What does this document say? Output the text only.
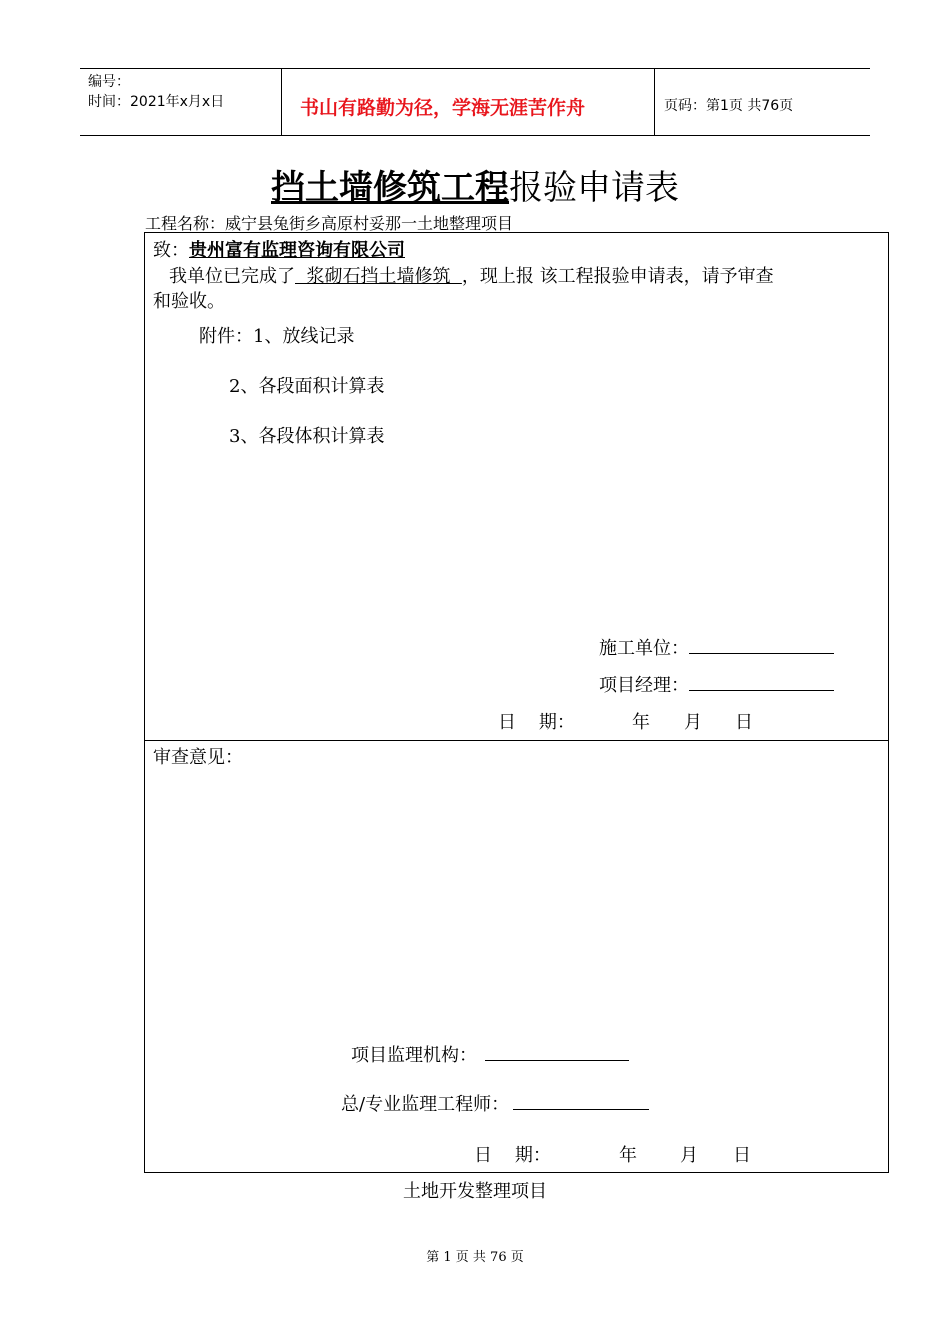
编号：
时间：2021年x月x日	书山有路勤为径，学海无涯苦作舟	页码：第1页 共76页
挡土墙修筑工程报验申请表
工程名称：威宁县兔街乡高原村妥那一土地整理项目
致：贵州富有监理咨询有限公司
我单位已完成了  浆砌石挡土墙修筑  ，现上报 该工程报验申请表，请予审查
和验收。
附件：1、放线记录
2、各段面积计算表
3、各段体积计算表
施工单位：
项目经理：
日    期：	年 月 日
审查意见：
项目监理机构：
总/专业监理工程师：
日    期：	年 月 日
土地开发整理项目
第 1 页 共 76 页
